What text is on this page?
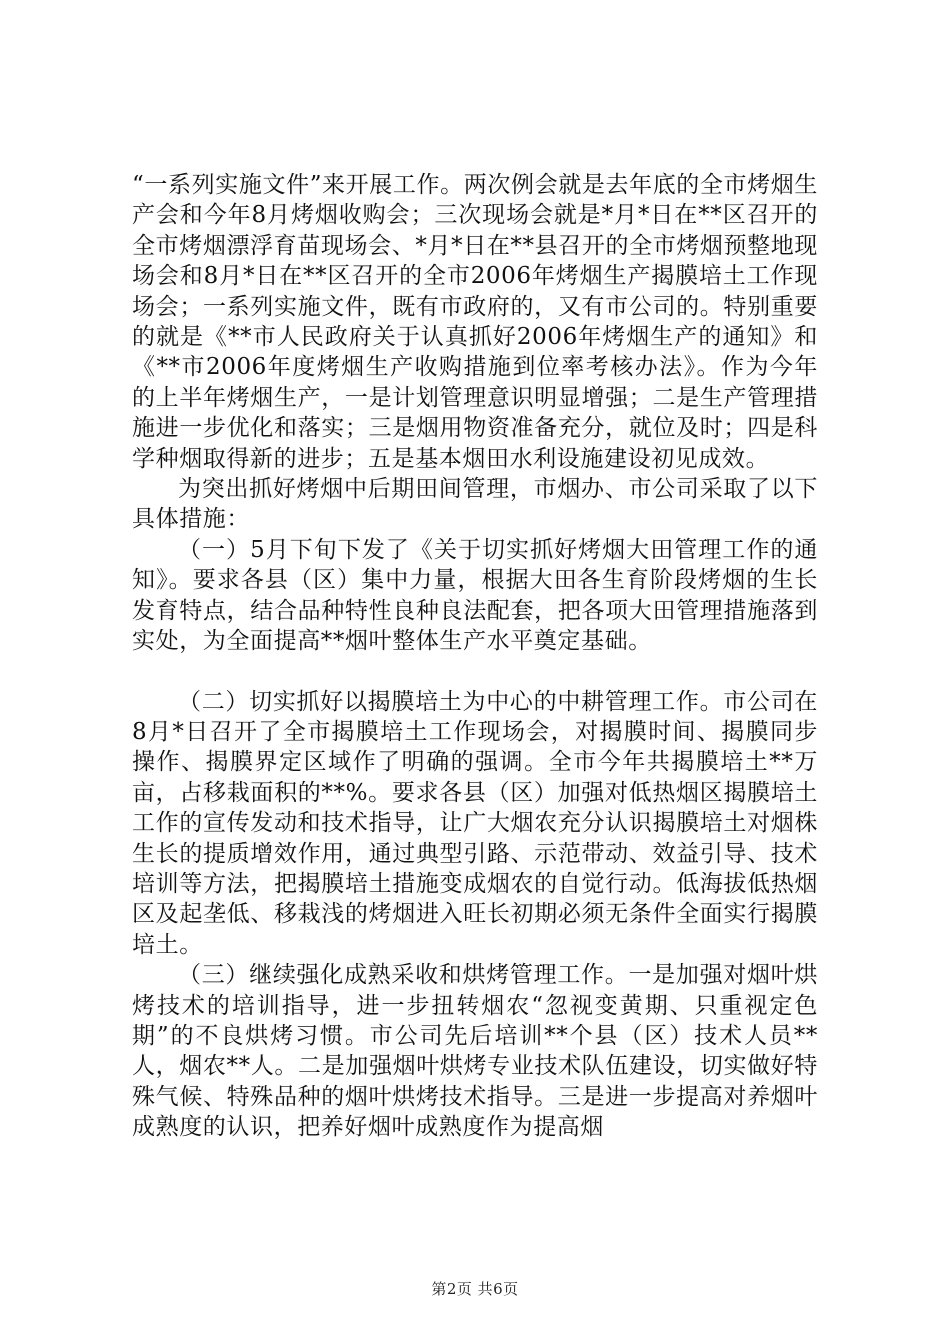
“一系列实施文件”来开展工作。两次例会就是去年底的全市烤烟生产会和今年8月烤烟收购会；三次现场会就是*月*日在**区召开的全市烤烟漂浮育苗现场会、*月*日在**县召开的全市烤烟预整地现场会和8月*日在**区召开的全市2006年烤烟生产揭膜培土工作现场会；一系列实施文件，既有市政府的，又有市公司的。特别重要的就是《**市人民政府关于认真抓好2006年烤烟生产的通知》和《**市2006年度烤烟生产收购措施到位率考核办法》。作为今年的上半年烤烟生产，一是计划管理意识明显增强；二是生产管理措施进一步优化和落实；三是烟用物资准备充分，就位及时；四是科学种烟取得新的进步；五是基本烟田水利设施建设初见成效。

为突出抓好烤烟中后期田间管理，市烟办、市公司采取了以下具体措施：

（一）5月下旬下发了《关于切实抓好烤烟大田管理工作的通知》。要求各县（区）集中力量，根据大田各生育阶段烤烟的生长发育特点，结合品种特性良种良法配套，把各项大田管理措施落到实处，为全面提高**烟叶整体生产水平奠定基础。

（二）切实抓好以揭膜培土为中心的中耕管理工作。市公司在8月*日召开了全市揭膜培土工作现场会，对揭膜时间、揭膜同步操作、揭膜界定区域作了明确的强调。全市今年共揭膜培土**万亩，占移栽面积的**%。要求各县（区）加强对低热烟区揭膜培土工作的宣传发动和技术指导，让广大烟农充分认识揭膜培土对烟株生长的提质增效作用，通过典型引路、示范带动、效益引导、技术培训等方法，把揭膜培土措施变成烟农的自觉行动。低海拔低热烟区及起垄低、移栽浅的烤烟进入旺长初期必须无条件全面实行揭膜培土。

（三）继续强化成熟采收和烘烤管理工作。一是加强对烟叶烘烤技术的培训指导，进一步扭转烟农“忽视变黄期、只重视定色期”的不良烘烤习惯。市公司先后培训**个县（区）技术人员**人，烟农**人。二是加强烟叶烘烤专业技术队伍建设，切实做好特殊气候、特殊品种的烟叶烘烤技术指导。三是进一步提高对养烟叶成熟度的认识，把养好烟叶成熟度作为提高烟

第2页 共6页
